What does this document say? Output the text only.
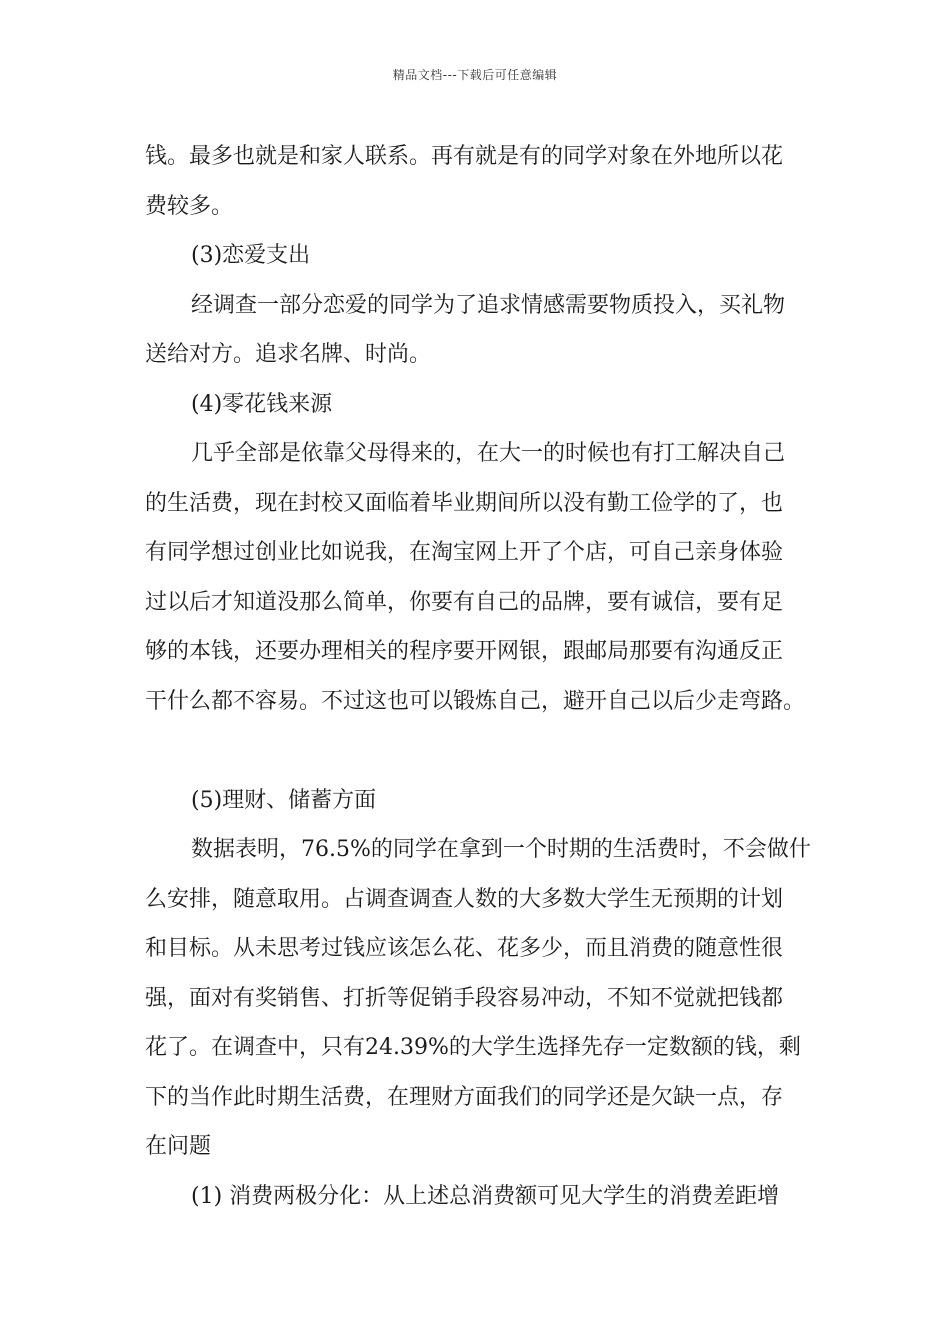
精品文档---下载后可任意编辑
钱。最多也就是和家人联系。再有就是有的同学对象在外地所以花
费较多。
(3)恋爱支出
经调查一部分恋爱的同学为了追求情感需要物质投入，买礼物
送给对方。追求名牌、时尚。
(4)零花钱来源
几乎全部是依靠父母得来的，在大一的时候也有打工解决自己
的生活费，现在封校又面临着毕业期间所以没有勤工俭学的了，也
有同学想过创业比如说我，在淘宝网上开了个店，可自己亲身体验
过以后才知道没那么简单，你要有自己的品牌，要有诚信，要有足
够的本钱，还要办理相关的程序要开网银，跟邮局那要有沟通反正
干什么都不容易。不过这也可以锻炼自己，避开自己以后少走弯路。
(5)理财、储蓄方面
数据表明，76.5%的同学在拿到一个时期的生活费时，不会做什
么安排，随意取用。占调查调查人数的大多数大学生无预期的计划
和目标。从未思考过钱应该怎么花、花多少，而且消费的随意性很
强，面对有奖销售、打折等促销手段容易冲动，不知不觉就把钱都
花了。在调查中，只有24.39%的大学生选择先存一定数额的钱，剩
下的当作此时期生活费，在理财方面我们的同学还是欠缺一点，存
在问题
(1) 消费两极分化：从上述总消费额可见大学生的消费差距增
